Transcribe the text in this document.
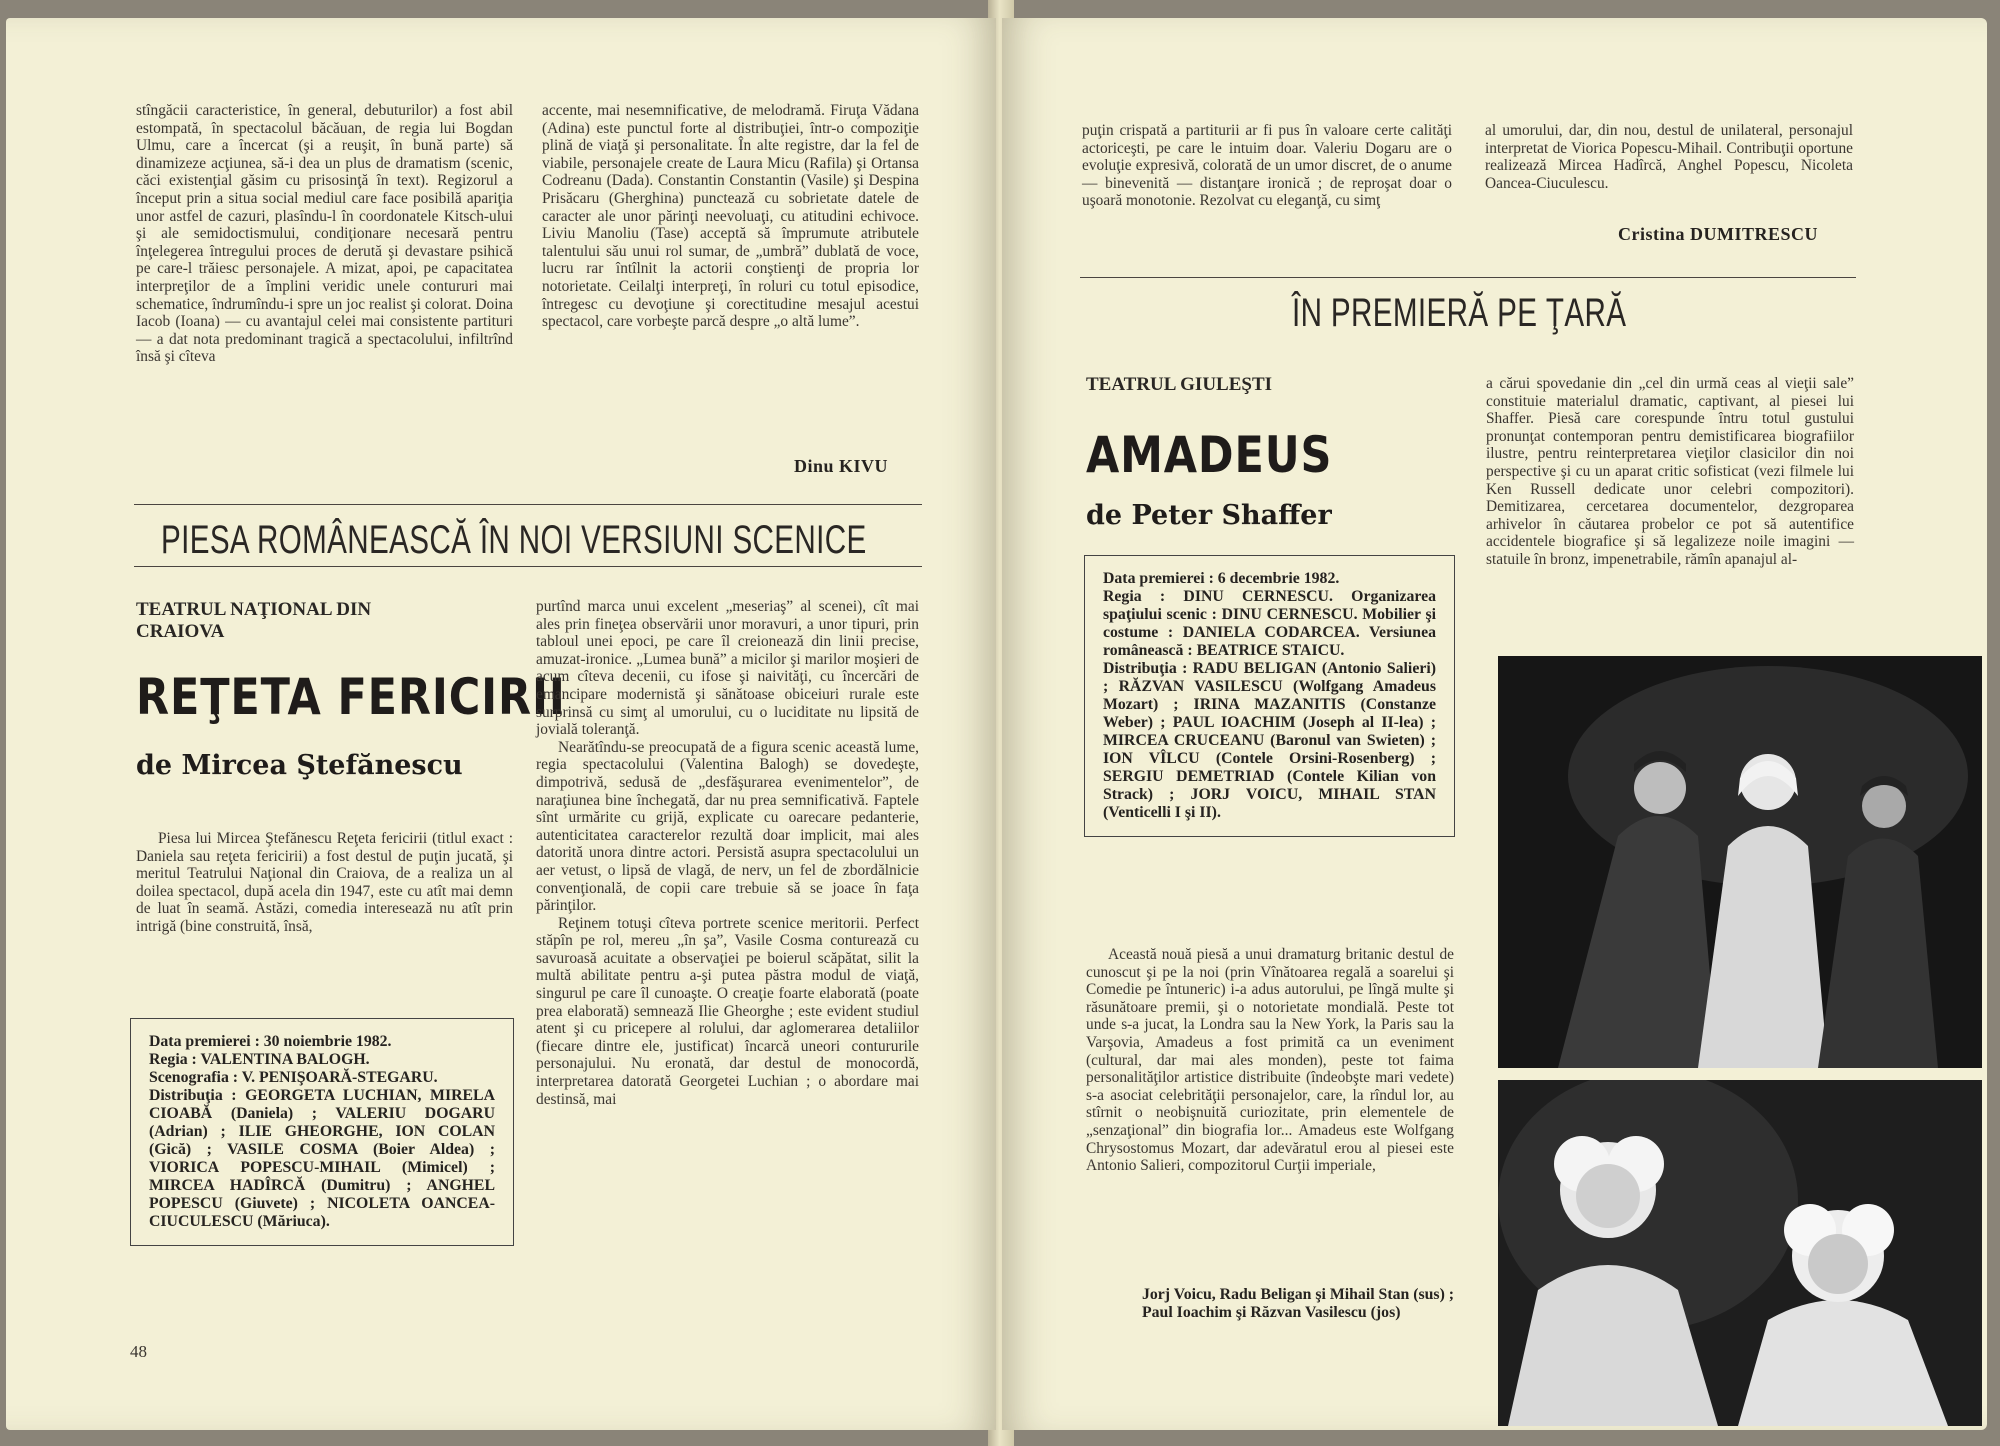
stîngăcii caracteristice, în general, debuturilor) a fost abil estompată, în spectacolul băcăuan, de regia lui Bogdan Ulmu, care a încercat (şi a reuşit, în bună parte) să dinamizeze acţiunea, să-i dea un plus de dramatism (scenic, căci existenţial găsim cu prisosinţă în text). Regizorul a început prin a situa social mediul care face posibilă apariţia unor astfel de cazuri, plasîndu-l în coordonatele Kitsch-ului şi ale semidoctismului, condiţionare necesară pentru înţelegerea întregului proces de derută şi devastare psihică pe care-l trăiesc personajele. A mizat, apoi, pe capacitatea interpreţilor de a împlini veridic unele contururi mai schematice, îndrumîndu-i spre un joc realist şi colorat. Doina Iacob (Ioana) — cu avantajul celei mai consistente partituri — a dat nota predominant tragică a spectacolului, infiltrînd însă şi cîteva

accente, mai nesemnificative, de melodramă. Firuţa Vădana (Adina) este punctul forte al distribuţiei, într-o compoziţie plină de viaţă şi personalitate. În alte registre, dar la fel de viabile, personajele create de Laura Micu (Rafila) şi Ortansa Codreanu (Dada). Constantin Constantin (Vasile) şi Despina Prisăcaru (Gherghina) punctează cu sobrietate datele de caracter ale unor părinţi neevoluaţi, cu atitudini echivoce. Liviu Manoliu (Tase) acceptă să împrumute atributele talentului său unui rol sumar, de „umbră” dublată de voce, lucru rar întîlnit la actorii conştienţi de propria lor notorietate. Ceilalţi interpreţi, în roluri cu totul episodice, întregesc cu devoţiune şi corectitudine mesajul acestui spectacol, care vorbeşte parcă despre „o altă lume”.

Dinu KIVU
PIESA ROMÂNEASCĂ ÎN NOI VERSIUNI SCENICE
TEATRUL NAŢIONAL DIN CRAIOVA
REŢETA FERICIRII
de Mircea Ştefănescu

Piesa lui Mircea Ştefănescu Reţeta fericirii (titlul exact : Daniela sau reţeta fericirii) a fost destul de puţin jucată, şi meritul Teatrului Naţional din Craiova, de a realiza un al doilea spectacol, după acela din 1947, este cu atît mai demn de luat în seamă. Astăzi, comedia interesează nu atît prin intrigă (bine construită, însă,

Data premierei : 30 noiembrie 1982.
Regia : VALENTINA BALOGH.
Scenografia : V. PENIŞOARĂ-STEGARU.
Distribuţia : GEORGETA LUCHIAN, MIRELA CIOABĂ (Daniela) ; VALERIU DOGARU (Adrian) ; ILIE GHEORGHE, ION COLAN (Gică) ; VASILE COSMA (Boier Aldea) ; VIORICA POPESCU-MIHAIL (Mimicel) ; MIRCEA HADÎRCĂ (Dumitru) ; ANGHEL POPESCU (Giuvete) ; NICOLETA OANCEA-CIUCULESCU (Măriuca).

purtînd marca unui excelent „meseriaş” al scenei), cît mai ales prin fineţea observării unor moravuri, a unor tipuri, prin tabloul unei epoci, pe care îl creionează din linii precise, amuzat-ironice. „Lumea bună” a micilor şi marilor moşieri de acum cîteva decenii, cu ifose şi naivităţi, cu încercări de emancipare modernistă şi sănătoase obiceiuri rurale este surprinsă cu simţ al umorului, cu o luciditate nu lipsită de jovială toleranţă.

Nearătîndu-se preocupată de a figura scenic această lume, regia spectacolului (Valentina Balogh) se dovedeşte, dimpotrivă, sedusă de „desfăşurarea evenimentelor”, de naraţiunea bine închegată, dar nu prea semnificativă. Faptele sînt urmărite cu grijă, explicate cu oarecare pedanterie, autenticitatea caracterelor rezultă doar implicit, mai ales datorită unora dintre actori. Persistă asupra spectacolului un aer vetust, o lipsă de vlagă, de nerv, un fel de zbordălnicie convenţională, de copii care trebuie să se joace în faţa părinţilor.

Reţinem totuşi cîteva portrete scenice meritorii. Perfect stăpîn pe rol, mereu „în şa”, Vasile Cosma conturează cu savuroasă acuitate a observaţiei pe boierul scăpătat, silit la multă abilitate pentru a-şi putea păstra modul de viaţă, singurul pe care îl cunoaşte. O creaţie foarte elaborată (poate prea elaborată) semnează Ilie Gheorghe ; este evident studiul atent şi cu pricepere al rolului, dar aglomerarea detaliilor (fiecare dintre ele, justificat) încarcă uneori contururile personajului. Nu eronată, dar destul de monocordă, interpretarea datorată Georgetei Luchian ; o abordare mai destinsă, mai

48

puţin crispată a partiturii ar fi pus în valoare certe calităţi actoriceşti, pe care le intuim doar. Valeriu Dogaru are o evoluţie expresivă, colorată de un umor discret, de o anume — binevenită — distanţare ironică ; de reproşat doar o uşoară monotonie. Rezolvat cu eleganţă, cu simţ

al umorului, dar, din nou, destul de unilateral, personajul interpretat de Viorica Popescu-Mihail. Contribuţii oportune realizează Mircea Hadîrcă, Anghel Popescu, Nicoleta Oancea-Ciuculescu.

Cristina DUMITRESCU
ÎN PREMIERĂ PE ŢARĂ
TEATRUL GIULEŞTI
AMADEUS
de Peter Shaffer
Data premierei : 6 decembrie 1982.
Regia : DINU CERNESCU. Organizarea spaţiului scenic : DINU CERNESCU. Mobilier şi costume : DANIELA CODARCEA. Versiunea românească : BEATRICE STAICU.
Distribuţia : RADU BELIGAN (Antonio Salieri) ; RĂZVAN VASILESCU (Wolfgang Amadeus Mozart) ; IRINA MAZANITIS (Constanze Weber) ; PAUL IOACHIM (Joseph al II-lea) ; MIRCEA CRUCEANU (Baronul van Swieten) ; ION VÎLCU (Contele Orsini-Rosenberg) ; SERGIU DEMETRIAD (Contele Kilian von Strack) ; JORJ VOICU, MIHAIL STAN (Venticelli I şi II).

Această nouă piesă a unui dramaturg britanic destul de cunoscut şi pe la noi (prin Vînătoarea regală a soarelui şi Comedie pe întuneric) i-a adus autorului, pe lîngă multe şi răsunătoare premii, şi o notorietate mondială. Peste tot unde s-a jucat, la Londra sau la New York, la Paris sau la Varşovia, Amadeus a fost primită ca un eveniment (cultural, dar mai ales monden), peste tot faima personalităţilor artistice distribuite (îndeobşte mari vedete) s-a asociat celebrităţii personajelor, care, la rîndul lor, au stîrnit o neobişnuită curiozitate, prin elementele de „senzaţional” din biografia lor... Amadeus este Wolfgang Chrysostomus Mozart, dar adevăratul erou al piesei este Antonio Salieri, compozitorul Curţii imperiale,

Jorj Voicu, Radu Beligan şi Mihail Stan (sus) ; Paul Ioachim şi Răzvan Vasilescu (jos)

a cărui spovedanie din „cel din urmă ceas al vieţii sale” constituie materialul dramatic, captivant, al piesei lui Shaffer. Piesă care corespunde întru totul gustului pronunţat contemporan pentru demistificarea biografiilor ilustre, pentru reinterpretarea vieţilor clasicilor din noi perspective şi cu un aparat critic sofisticat (vezi filmele lui Ken Russell dedicate unor celebri compozitori). Demitizarea, cercetarea documentelor, dezgroparea arhivelor în căutarea probelor ce pot să autentifice accidentele biografice şi să legalizeze noile imagini — statuile în bronz, impenetrabile, rămîn apanajul al-
